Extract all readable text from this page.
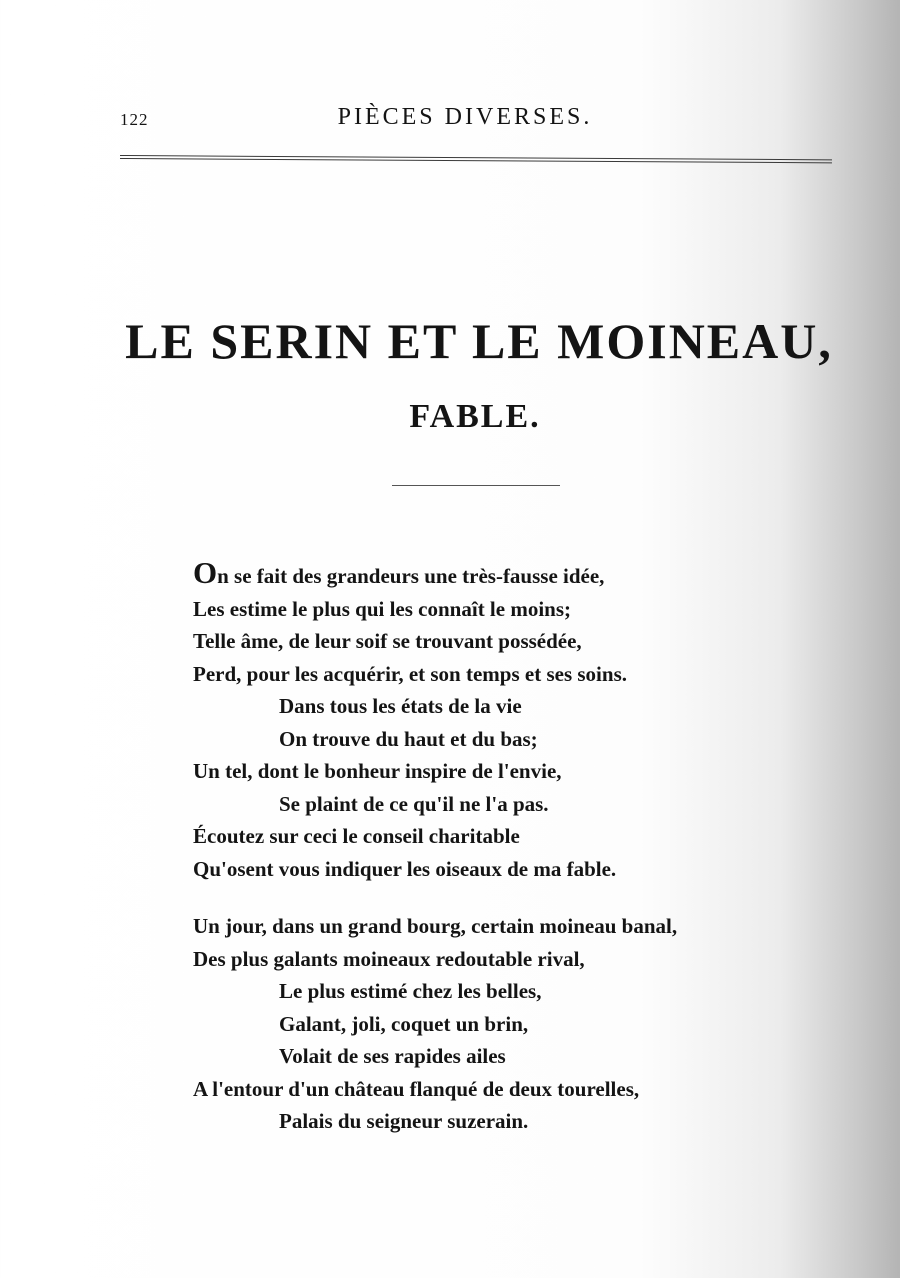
122	PIÈCES DIVERSES.
LE SERIN ET LE MOINEAU,
FABLE.
On se fait des grandeurs une très-fausse idée,
Les estime le plus qui les connaît le moins;
Telle âme, de leur soif se trouvant possédée,
Perd, pour les acquérir, et son temps et ses soins.
Dans tous les états de la vie
On trouve du haut et du bas;
Un tel, dont le bonheur inspire de l'envie,
Se plaint de ce qu'il ne l'a pas.
Écoutez sur ceci le conseil charitable
Qu'osent vous indiquer les oiseaux de ma fable.
Un jour, dans un grand bourg, certain moineau banal,
Des plus galants moineaux redoutable rival,
Le plus estimé chez les belles,
Galant, joli, coquet un brin,
Volait de ses rapides ailes
A l'entour d'un château flanqué de deux tourelles,
Palais du seigneur suzerain.
